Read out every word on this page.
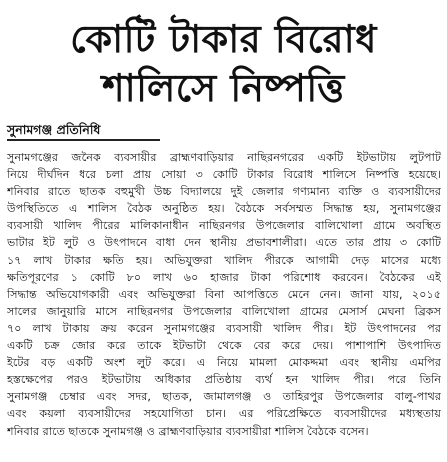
কোটি টাকার বিরোধ
শালিসে নিষ্পত্তি
সুনামগঞ্জ প্রতিনিধি
সুনামগঞ্জের জনৈক ব্যবসায়ীর ব্রাহ্মণবাড়িয়ার নাছিরনগরের একটি ইটভাটায় লুটপাট
নিয়ে দীর্ঘদিন ধরে চলা প্রায় সোয়া ৩ কোটি টাকার বিরোধ শালিসে নিষ্পত্তি হয়েছে।
শনিবার রাতে ছাতক বহুমুখী উচ্চ বিদ্যালয়ে দুই জেলার গণ্যমান্য ব্যক্তি ও ব্যবসায়ীদের
উপস্থিতিতে এ শালিস বৈঠক অনুষ্ঠিত হয়। বৈঠকে সর্বসম্মত সিদ্ধান্ত হয়, সুনামগঞ্জের
ব্যবসায়ী খালিদ পীরের মালিকানাধীন নাছিরনগর উপজেলার বালিখোলা গ্রামে অবস্থিত
ভাটার ইট লুট ও উৎপাদনে বাধা দেন স্থানীয় প্রভাবশালীরা। এতে তার প্রায় ৩ কোটি
১৭ লাখ টাকার ক্ষতি হয়। অভিযুক্তরা খালিদ পীরকে আগামী দেড় মাসের মধ্যে
ক্ষতিপূরণের ১ কোটি ৮০ লাখ ৬০ হাজার টাকা পরিশোধ করবেন। বৈঠকের এই
সিদ্ধান্ত অভিযোগকারী এবং অভিযুক্তরা বিনা আপত্তিতে মেনে নেন। জানা যায়, ২০১৫
সালের জানুয়ারি মাসে নাছিরনগর উপজেলার বালিখোলা গ্রামের মেসার্স মেঘনা ব্রিকস
৭০ লাখ টাকায় ক্রয় করেন সুনামগঞ্জের ব্যবসায়ী খালিদ পীর। ইট উৎপাদনের পর
একটি চক্র জোর করে তাকে ইটভাটা থেকে বের করে দেয়। পাশাপাশি উৎপাদিত
ইটের বড় একটি অংশ লুট করে। এ নিয়ে মামলা মোকদ্দমা এবং স্থানীয় এমপির
হস্তক্ষেপের পরও ইটভাটায় অধিকার প্রতিষ্ঠায় ব্যর্থ হন খালিদ পীর। পরে তিনি
সুনামগঞ্জ চেম্বার এবং সদর, ছাতক, জামালগঞ্জ ও তাহিরপুর উপজেলার বালু-পাথর
এবং কয়লা ব্যবসায়ীদের সহযোগিতা চান। এর পরিপ্রেক্ষিতে ব্যবসায়ীদের মধ্যস্থতায়
শনিবার রাতে ছাতকে সুনামগঞ্জ ও ব্রাহ্মণবাড়িয়ার ব্যবসায়ীরা শালিস বৈঠকে বসেন।
